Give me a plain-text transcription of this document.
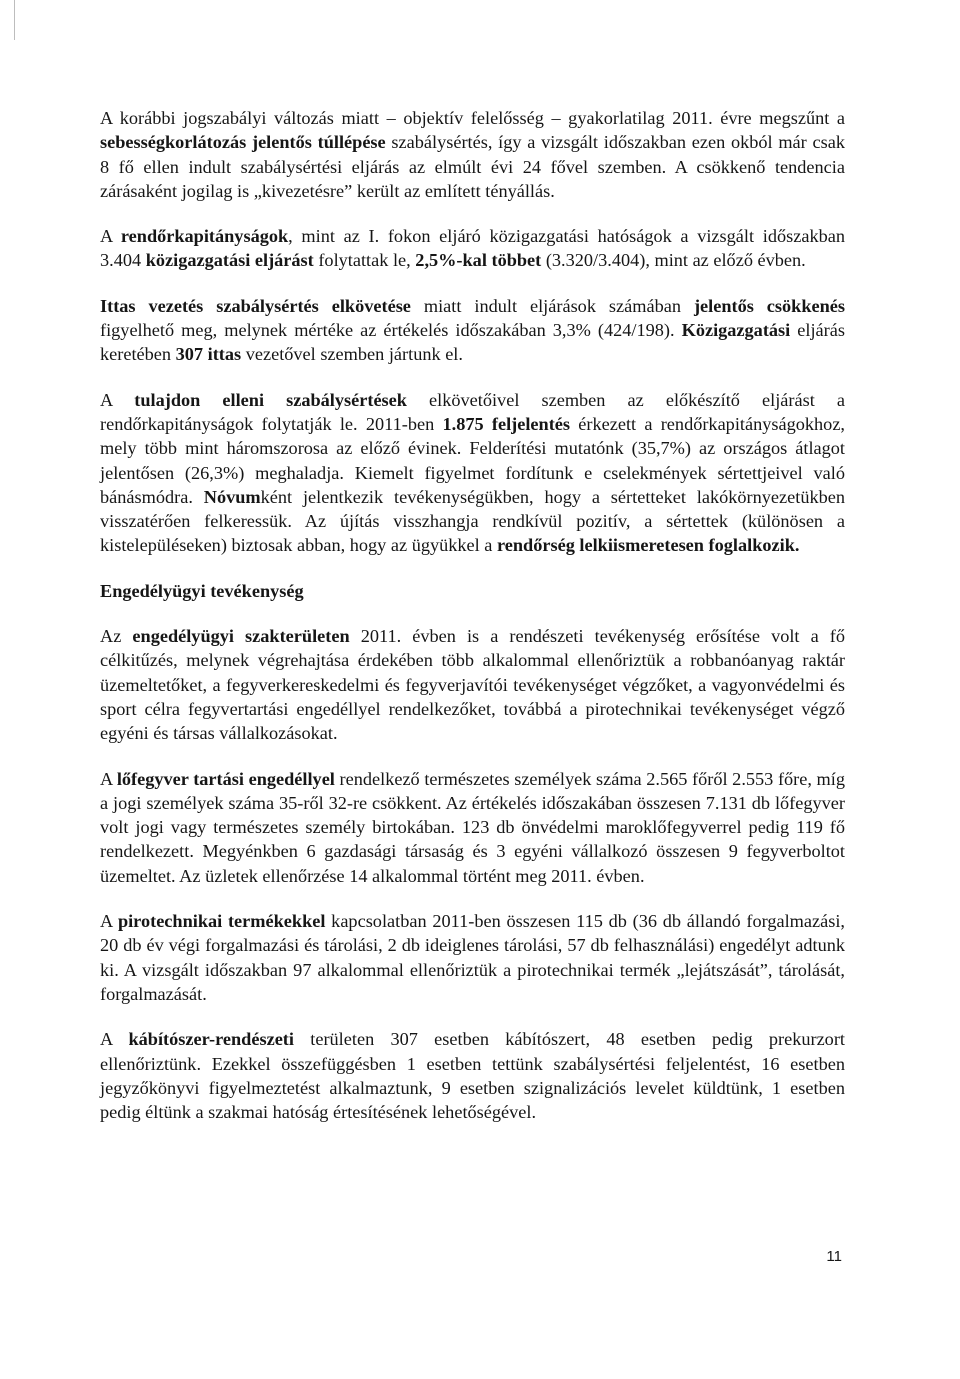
A korábbi jogszabályi változás miatt – objektív felelősség – gyakorlatilag 2011. évre megszűnt a sebességkorlátozás jelentős túllépése szabálysértés, így a vizsgált időszakban ezen okból már csak 8 fő ellen indult szabálysértési eljárás az elmúlt évi 24 fővel szemben. A csökkenő tendencia zárásaként jogilag is „kivezetésre” került az említett tényállás.

A rendőrkapitányságok, mint az I. fokon eljáró közigazgatási hatóságok a vizsgált időszakban 3.404 közigazgatási eljárást folytattak le, 2,5%-kal többet (3.320/3.404), mint az előző évben.

Ittas vezetés szabálysértés elkövetése miatt indult eljárások számában jelentős csökkenés figyelhető meg, melynek mértéke az értékelés időszakában 3,3% (424/198). Közigazgatási eljárás keretében 307 ittas vezetővel szemben jártunk el.

A tulajdon elleni szabálysértések elkövetőivel szemben az előkészítő eljárást a rendőrkapitányságok folytatják le. 2011-ben 1.875 feljelentés érkezett a rendőrkapitányságokhoz, mely több mint háromszorosa az előző évinek. Felderítési mutatónk (35,7%) az országos átlagot jelentősen (26,3%) meghaladja. Kiemelt figyelmet fordítunk e cselekmények sértettjeivel való bánásmódra. Nóvumként jelentkezik tevékenységükben, hogy a sértetteket lakókörnyezetükben visszatérően felkeressük. Az újítás visszhangja rendkívül pozitív, a sértettek (különösen a kistelepüléseken) biztosak abban, hogy az ügyükkel a rendőrség lelkiismeretesen foglalkozik.

Engedélyügyi tevékenység

Az engedélyügyi szakterületen 2011. évben is a rendészeti tevékenység erősítése volt a fő célkitűzés, melynek végrehajtása érdekében több alkalommal ellenőriztük a robbanóanyag raktár üzemeltetőket, a fegyverkereskedelmi és fegyverjavítói tevékenységet végzőket, a vagyonvédelmi és sport célra fegyvertartási engedéllyel rendelkezőket, továbbá a pirotechnikai tevékenységet végző egyéni és társas vállalkozásokat.

A lőfegyver tartási engedéllyel rendelkező természetes személyek száma 2.565 főről 2.553 főre, míg a jogi személyek száma 35-ről 32-re csökkent. Az értékelés időszakában összesen 7.131 db lőfegyver volt jogi vagy természetes személy birtokában. 123 db önvédelmi maroklőfegyverrel pedig 119 fő rendelkezett. Megyénkben 6 gazdasági társaság és 3 egyéni vállalkozó összesen 9 fegyverboltot üzemeltet. Az üzletek ellenőrzése 14 alkalommal történt meg 2011. évben.

A pirotechnikai termékekkel kapcsolatban 2011-ben összesen 115 db (36 db állandó forgalmazási, 20 db év végi forgalmazási és tárolási, 2 db ideiglenes tárolási, 57 db felhasználási) engedélyt adtunk ki. A vizsgált időszakban 97 alkalommal ellenőriztük a pirotechnikai termék „lejátszását”, tárolását, forgalmazását.

A kábítószer-rendészeti területen 307 esetben kábítószert, 48 esetben pedig prekurzort ellenőriztünk. Ezekkel összefüggésben 1 esetben tettünk szabálysértési feljelentést, 16 esetben jegyzőkönyvi figyelmeztetést alkalmaztunk, 9 esetben szignalizációs levelet küldtünk, 1 esetben pedig éltünk a szakmai hatóság értesítésének lehetőségével.

11
